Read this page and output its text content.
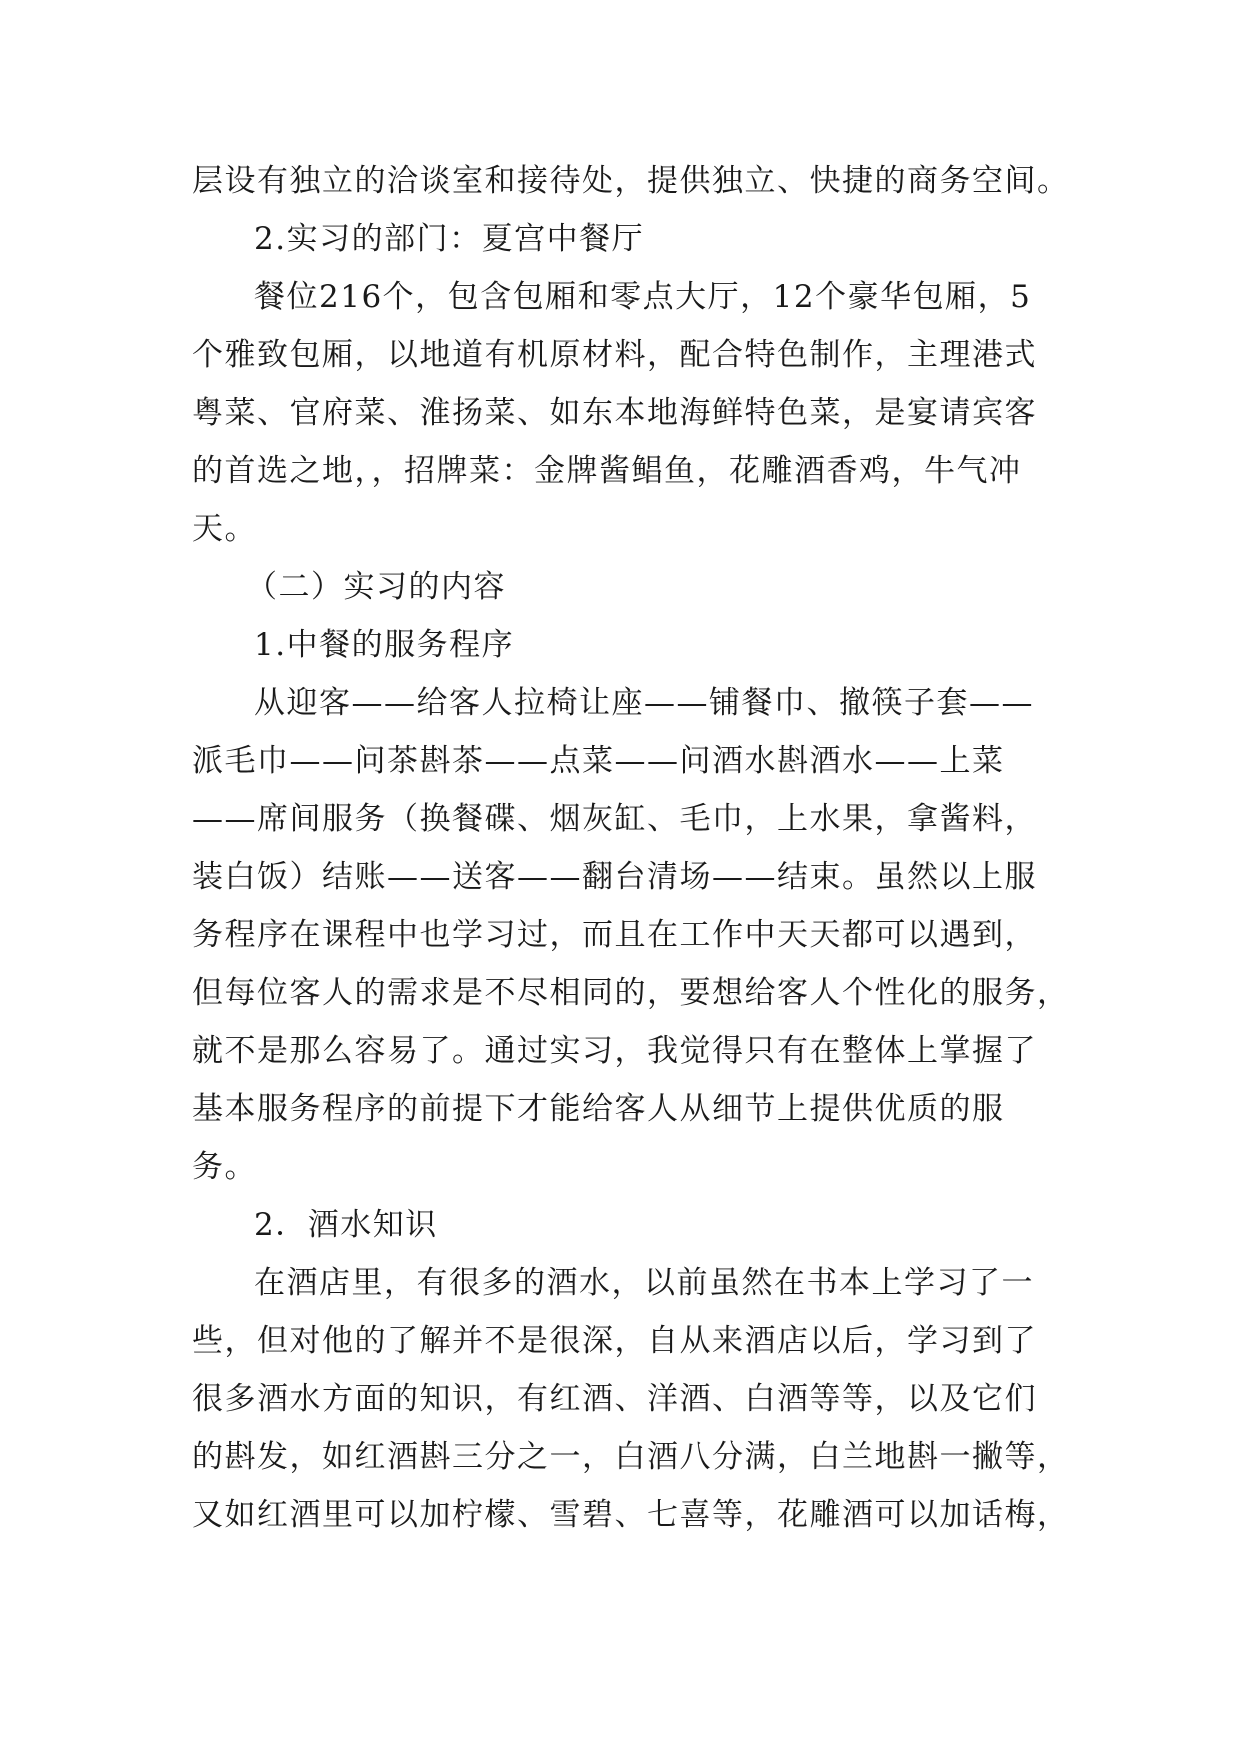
层设有独立的洽谈室和接待处，提供独立、快捷的商务空间。
2.实习的部门：夏宫中餐厅
餐位216个，包含包厢和零点大厅，12个豪华包厢，5
个雅致包厢，以地道有机原材料，配合特色制作，主理港式
粤菜、官府菜、淮扬菜、如东本地海鲜特色菜，是宴请宾客
的首选之地，，招牌菜：金牌酱鲳鱼，花雕酒香鸡，牛气冲
天。
（二）实习的内容
1.中餐的服务程序
从迎客——给客人拉椅让座——铺餐巾、撤筷子套——
派毛巾——问茶斟茶——点菜——问酒水斟酒水——上菜
——席间服务（换餐碟、烟灰缸、毛巾，上水果，拿酱料，
装白饭）结账——送客——翻台清场——结束。虽然以上服
务程序在课程中也学习过，而且在工作中天天都可以遇到，
但每位客人的需求是不尽相同的，要想给客人个性化的服务，
就不是那么容易了。通过实习，我觉得只有在整体上掌握了
基本服务程序的前提下才能给客人从细节上提供优质的服
务。
2．酒水知识
在酒店里，有很多的酒水，以前虽然在书本上学习了一
些，但对他的了解并不是很深，自从来酒店以后，学习到了
很多酒水方面的知识，有红酒、洋酒、白酒等等，以及它们
的斟发，如红酒斟三分之一，白酒八分满，白兰地斟一撇等，
又如红酒里可以加柠檬、雪碧、七喜等，花雕酒可以加话梅，
